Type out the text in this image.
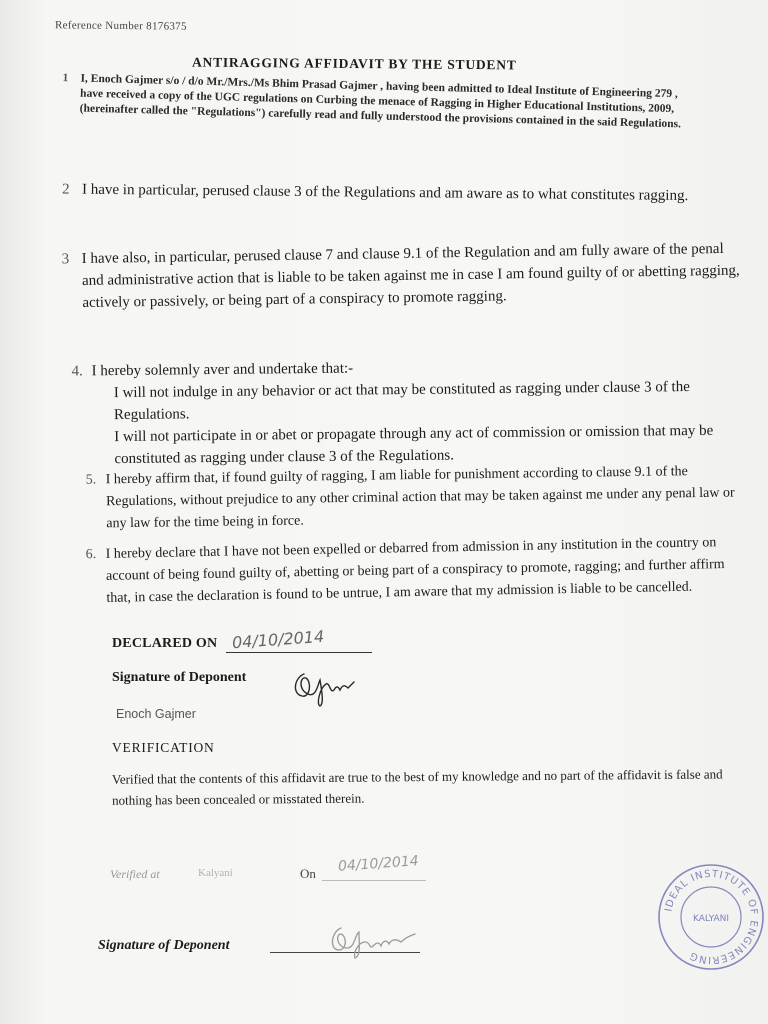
Reference Number 8176375
ANTIRAGGING AFFIDAVIT BY THE STUDENT
1 I, Enoch Gajmer s/o / d/o Mr./Mrs./Ms Bhim Prasad Gajmer , having been admitted to Ideal Institute of Engineering 279 , have received a copy of the UGC regulations on Curbing the menace of Ragging in Higher Educational Institutions, 2009, (hereinafter called the "Regulations") carefully read and fully understood the provisions contained in the said Regulations.
2 I have in particular, perused clause 3 of the Regulations and am aware as to what constitutes ragging.
3 I have also, in particular, perused clause 7 and clause 9.1 of the Regulation and am fully aware of the penal and administrative action that is liable to be taken against me in case I am found guilty of or abetting ragging, actively or passively, or being part of a conspiracy to promote ragging.
4. I hereby solemnly aver and undertake that:-
I will not indulge in any behavior or act that may be constituted as ragging under clause 3 of the Regulations.
I will not participate in or abet or propagate through any act of commission or omission that may be constituted as ragging under clause 3 of the Regulations.
5. I hereby affirm that, if found guilty of ragging, I am liable for punishment according to clause 9.1 of the Regulations, without prejudice to any other criminal action that may be taken against me under any penal law or any law for the time being in force.
6. I hereby declare that I have not been expelled or debarred from admission in any institution in the country on account of being found guilty of, abetting or being part of a conspiracy to promote, ragging; and further affirm that, in case the declaration is found to be untrue, I am aware that my admission is liable to be cancelled.
DECLARED ON 04/10/2014
Signature of Deponent
Enoch Gajmer
VERIFICATION
Verified that the contents of this affidavit are true to the best of my knowledge and no part of the affidavit is false and nothing has been concealed or misstated therein.
Verified at	Kalyani	On 04/10/2014
Signature of Deponent
IDEAL INSTITUTE OF ENGINEERING
KALYANI
